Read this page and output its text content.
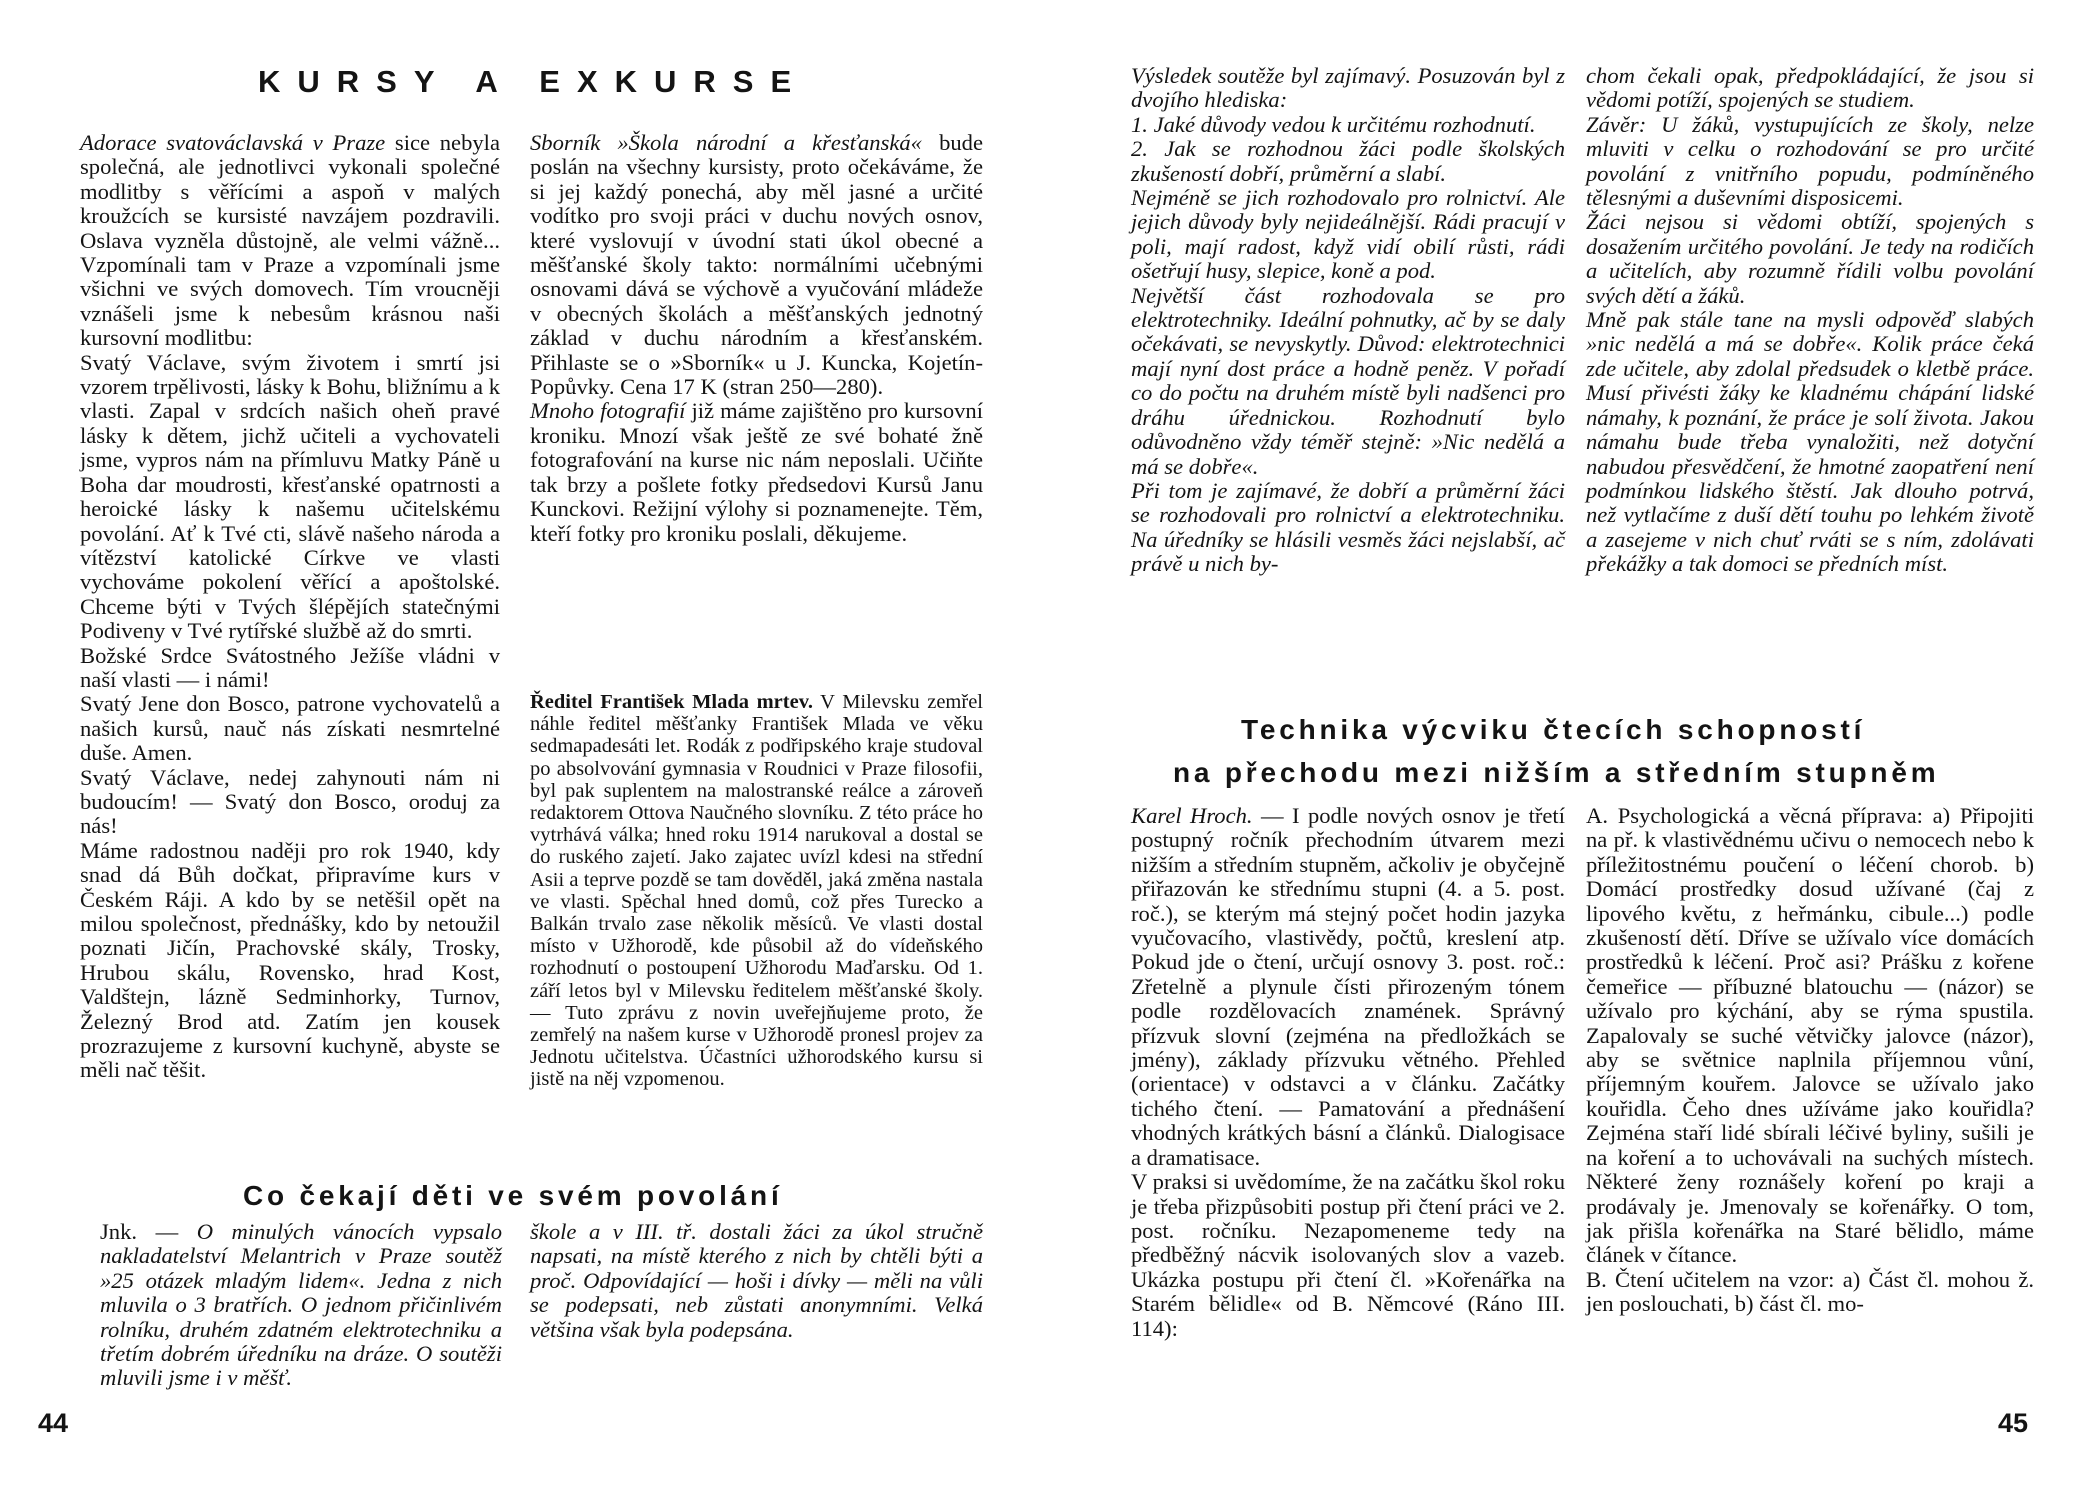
KURSY A EXKURSE
Adorace svatováclavská v Praze sice nebyla společná, ale jednotlivci vykonali společné modlitby s věřícími a aspoň v malých kroužcích se kursisté navzájem pozdravili. Oslava vyzněla důstojně, ale velmi vážně... Vzpomínali tam v Praze a vzpomínali jsme všichni ve svých domovech. Tím vroucněji vznášeli jsme k nebesům krásnou naši kursovní modlitbu:
Svatý Václave, svým životem i smrtí jsi vzorem trpělivosti, lásky k Bohu, bližnímu a k vlasti. Zapal v srdcích našich oheň pravé lásky k dětem, jichž učiteli a vychovateli jsme, vypros nám na přímluvu Matky Páně u Boha dar moudrosti, křesťanské opatrnosti a heroické lásky k našemu učitelskému povolání. Ať k Tvé cti, slávě našeho národa a vítězství katolické Církve ve vlasti vychováme pokolení věřící a apoštolské. Chceme býti v Tvých šlépějích statečnými Podiveny v Tvé rytířské službě až do smrti.
Božské Srdce Svátostného Ježíše vládni v naší vlasti — i námi!
Svatý Jene don Bosco, patrone vychovatelů a našich kursů, nauč nás získati nesmrtelné duše. Amen.
Svatý Václave, nedej zahynouti nám ni budoucím! — Svatý don Bosco, oroduj za nás!
Máme radostnou naději pro rok 1940, kdy snad dá Bůh dočkat, připravíme kurs v Českém Ráji. A kdo by se netěšil opět na milou společnost, přednášky, kdo by netoužil poznati Jičín, Prachovské skály, Trosky, Hrubou skálu, Rovensko, hrad Kost, Valdštejn, lázně Sedminhorky, Turnov, Železný Brod atd. Zatím jen kousek prozrazujeme z kursovní kuchyně, abyste se měli nač těšit.
Sborník »Škola národní a křesťanská« bude poslán na všechny kursisty, proto očekáváme, že si jej každý ponechá, aby měl jasné a určité vodítko pro svoji práci v duchu nových osnov, které vyslovují v úvodní stati úkol obecné a měšťanské školy takto: normálními učebnými osnovami dává se výchově a vyučování mládeže v obecných školách a měšťanských jednotný základ v duchu národním a křesťanském. Přihlaste se o »Sborník« u J. Kuncka, Kojetín-Popůvky. Cena 17 K (stran 250—280).
Mnoho fotografií již máme zajištěno pro kursovní kroniku. Mnozí však ještě ze své bohaté žně fotografování na kurse nic nám neposlali. Učiňte tak brzy a pošlete fotky předsedovi Kursů Janu Kunckovi. Režijní výlohy si poznamenejte. Těm, kteří fotky pro kroniku poslali, děkujeme.
Ředitel František Mlada mrtev. V Milevsku zemřel náhle ředitel měšťanky František Mlada ve věku sedmapadesáti let. Rodák z podřipského kraje studoval po absolvování gymnasia v Roudnici v Praze filosofii, byl pak suplentem na malostranské reálce a zároveň redaktorem Ottova Naučného slovníku. Z této práce ho vytrhává válka; hned roku 1914 narukoval a dostal se do ruského zajetí. Jako zajatec uvízl kdesi na střední Asii a teprve pozdě se tam dověděl, jaká změna nastala ve vlasti. Spěchal hned domů, což přes Turecko a Balkán trvalo zase několik měsíců. Ve vlasti dostal místo v Užhorodě, kde působil až do vídeňského rozhodnutí o postoupení Užhorodu Maďarsku. Od 1. září letos byl v Milevsku ředitelem měšťanské školy. — Tuto zprávu z novin uveřejňujeme proto, že zemřelý na našem kurse v Užhorodě pronesl projev za Jednotu učitelstva. Účastníci užhorodského kursu si jistě na něj vzpomenou.
Co čekají děti ve svém povolání
Jnk. — O minulých vánocích vypsalo nakladatelství Melantrich v Praze soutěž »25 otázek mladým lidem«. Jedna z nich mluvila o 3 bratřích. O jednom přičinlivém rolníku, druhém zdatném elektrotechniku a třetím dobrém úředníku na dráze. O soutěži mluvili jsme i v měšť.
škole a v III. tř. dostali žáci za úkol stručně napsati, na místě kterého z nich by chtěli býti a proč. Odpovídající — hoši i dívky — měli na vůli se podepsati, neb zůstati anonymními. Velká většina však byla podepsána.

44

Výsledek soutěže byl zajímavý. Posuzován byl z dvojího hlediska:
1. Jaké důvody vedou k určitému rozhodnutí.
2. Jak se rozhodnou žáci podle školských zkušeností dobří, průměrní a slabí.
Nejméně se jich rozhodovalo pro rolnictví. Ale jejich důvody byly nejideálnější. Rádi pracují v poli, mají radost, když vidí obilí růsti, rádi ošetřují husy, slepice, koně a pod.
Největší část rozhodovala se pro elektrotechniky. Ideální pohnutky, ač by se daly očekávati, se nevyskytly. Důvod: elektrotechnici mají nyní dost práce a hodně peněz. V pořadí co do počtu na druhém místě byli nadšenci pro dráhu úřednickou. Rozhodnutí bylo odůvodněno vždy téměř stejně: »Nic nedělá a má se dobře«.
Při tom je zajímavé, že dobří a průměrní žáci se rozhodovali pro rolnictví a elektrotechniku. Na úředníky se hlásili vesměs žáci nejslabší, ač právě u nich by-
chom čekali opak, předpokládající, že jsou si vědomi potíží, spojených se studiem.
Závěr: U žáků, vystupujících ze školy, nelze mluviti v celku o rozhodování se pro určité povolání z vnitřního popudu, podmíněného tělesnými a duševními disposicemi.
Žáci nejsou si vědomi obtíží, spojených s dosažením určitého povolání. Je tedy na rodičích a učitelích, aby rozumně řídili volbu povolání svých dětí a žáků.
Mně pak stále tane na mysli odpověď slabých »nic nedělá a má se dobře«. Kolik práce čeká zde učitele, aby zdolal předsudek o kletbě práce. Musí přivésti žáky ke kladnému chápání lidské námahy, k poznání, že práce je solí života. Jakou námahu bude třeba vynaložiti, než dotyční nabudou přesvědčení, že hmotné zaopatření není podmínkou lidského štěstí. Jak dlouho potrvá, než vytlačíme z duší dětí touhu po lehkém životě a zasejeme v nich chuť rváti se s ním, zdolávati překážky a tak domoci se předních míst.
Technika výcviku čtecích schopností
na přechodu mezi nižším a středním stupněm
Karel Hroch. — I podle nových osnov je třetí postupný ročník přechodním útvarem mezi nižším a středním stupněm, ačkoliv je obyčejně přiřazován ke střednímu stupni (4. a 5. post. roč.), se kterým má stejný počet hodin jazyka vyučovacího, vlastivědy, počtů, kreslení atp. Pokud jde o čtení, určují osnovy 3. post. roč.: Zřetelně a plynule čísti přirozeným tónem podle rozdělovacích znamének. Správný přízvuk slovní (zejména na předložkách se jmény), základy přízvuku větného. Přehled (orientace) v odstavci a v článku. Začátky tichého čtení. — Pamatování a přednášení vhodných krátkých básní a článků. Dialogisace a dramatisace.
V praksi si uvědomíme, že na začátku škol roku je třeba přizpůsobiti postup při čtení práci ve 2. post. ročníku. Nezapomeneme tedy na předběžný nácvik isolovaných slov a vazeb. Ukázka postupu při čtení čl. »Kořenářka na Starém bělidle« od B. Němcové (Ráno III. 114):
A. Psychologická a věcná příprava: a) Připojiti na př. k vlastivědnému učivu o nemocech nebo k příležitostnému poučení o léčení chorob. b) Domácí prostředky dosud užívané (čaj z lipového květu, z heřmánku, cibule...) podle zkušeností dětí. Dříve se užívalo více domácích prostředků k léčení. Proč asi? Prášku z kořene čemeřice — příbuzné blatouchu — (názor) se užívalo pro kýchání, aby se rýma spustila. Zapalovaly se suché větvičky jalovce (názor), aby se světnice naplnila příjemnou vůní, příjemným kouřem. Jalovce se užívalo jako kouřidla. Čeho dnes užíváme jako kouřidla? Zejména staří lidé sbírali léčivé byliny, sušili je na koření a to uchovávali na suchých místech. Některé ženy roznášely koření po kraji a prodávaly je. Jmenovaly se kořenářky. O tom, jak přišla kořenářka na Staré bělidlo, máme článek v čítance.
B. Čtení učitelem na vzor: a) Část čl. mohou ž. jen poslouchati, b) část čl. mo-

45
